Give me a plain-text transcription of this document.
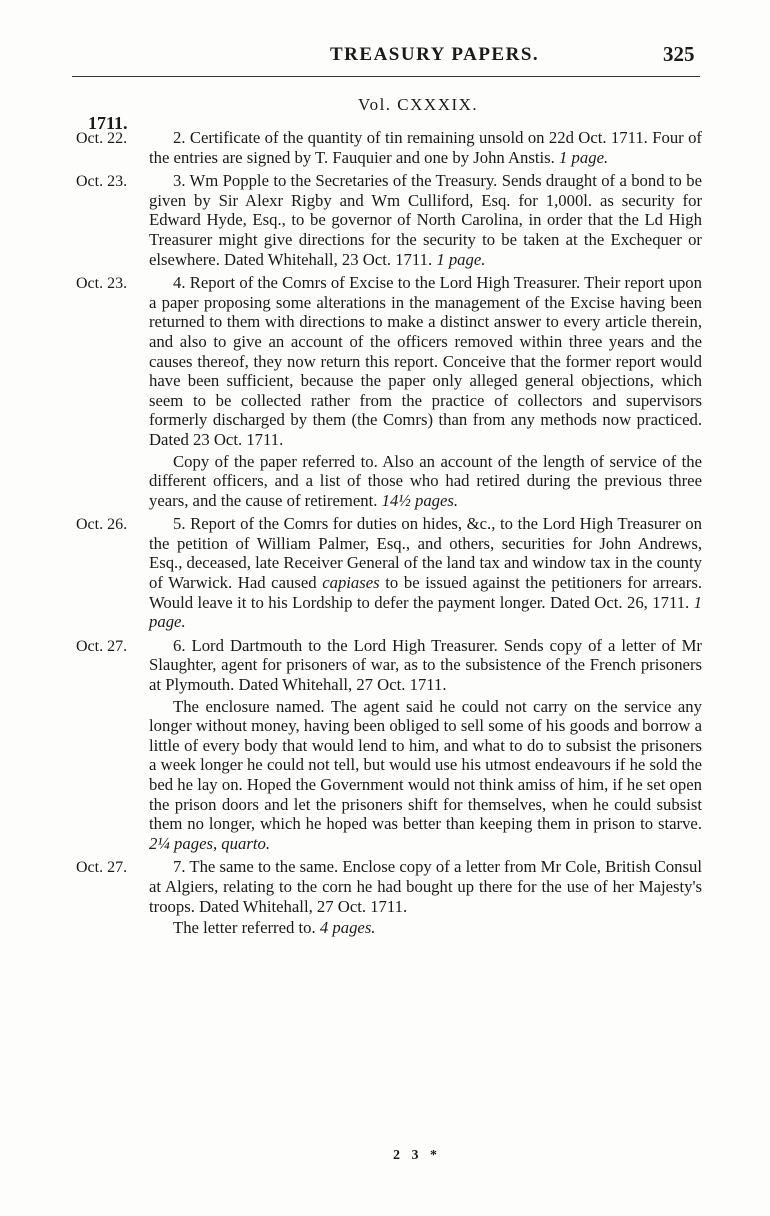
TREASURY PAPERS.	325
1711.
Vol. CXXXIX.
Oct. 22.	2. Certificate of the quantity of tin remaining unsold on 22d Oct. 1711. Four of the entries are signed by T. Fauquier and one by John Anstis. 1 page.

Oct. 23.	3. Wm Popple to the Secretaries of the Treasury. Sends draught of a bond to be given by Sir Alexr Rigby and Wm Culliford, Esq. for 1,000l. as security for Edward Hyde, Esq., to be governor of North Carolina, in order that the Ld High Treasurer might give directions for the security to be taken at the Exchequer or elsewhere. Dated Whitehall, 23 Oct. 1711. 1 page.

Oct. 23.	4. Report of the Comrs of Excise to the Lord High Treasurer. Their report upon a paper proposing some alterations in the management of the Excise having been returned to them with directions to make a distinct answer to every article therein, and also to give an account of the officers removed within three years and the causes thereof, they now return this report. Conceive that the former report would have been sufficient, because the paper only alleged general objections, which seem to be collected rather from the practice of collectors and supervisors formerly discharged by them (the Comrs) than from any methods now practiced. Dated 23 Oct. 1711.

Copy of the paper referred to. Also an account of the length of service of the different officers, and a list of those who had retired during the previous three years, and the cause of retirement. 14½ pages.

Oct. 26.	5. Report of the Comrs for duties on hides, &c., to the Lord High Treasurer on the petition of William Palmer, Esq., and others, securities for John Andrews, Esq., deceased, late Receiver General of the land tax and window tax in the county of Warwick. Had caused capiases to be issued against the petitioners for arrears. Would leave it to his Lordship to defer the payment longer. Dated Oct. 26, 1711. 1 page.

Oct. 27.	6. Lord Dartmouth to the Lord High Treasurer. Sends copy of a letter of Mr Slaughter, agent for prisoners of war, as to the subsistence of the French prisoners at Plymouth. Dated Whitehall, 27 Oct. 1711.

The enclosure named. The agent said he could not carry on the service any longer without money, having been obliged to sell some of his goods and borrow a little of every body that would lend to him, and what to do to subsist the prisoners a week longer he could not tell, but would use his utmost endeavours if he sold the bed he lay on. Hoped the Government would not think amiss of him, if he set open the prison doors and let the prisoners shift for themselves, when he could subsist them no longer, which he hoped was better than keeping them in prison to starve. 2¼ pages, quarto.

Oct. 27.	7. The same to the same. Enclose copy of a letter from Mr Cole, British Consul at Algiers, relating to the corn he had bought up there for the use of her Majesty's troops. Dated Whitehall, 27 Oct. 1711.

The letter referred to. 4 pages.

2 3 *
